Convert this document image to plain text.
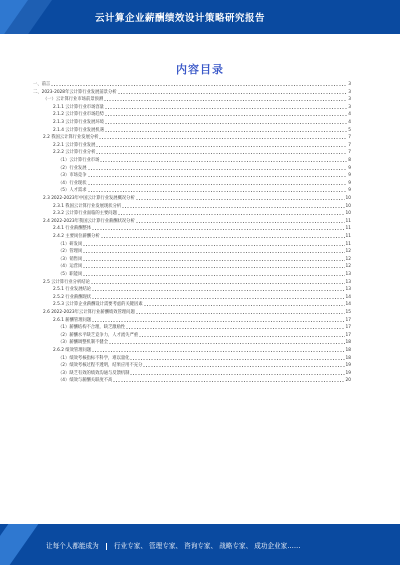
云计算企业薪酬绩效设计策略研究报告
内容目录
一、前言	3
二、2023-2028年云计算行业发展前景分析	3
（一）云计算行业市场前景预测	3
2.1.1 云计算行业市场容量	3
2.1.2 云计算行业市场趋势	4
2.1.3 云计算行业发展环境	4
2.1.4 云计算行业发展机遇	5
2.2 我国云计算行业发展分析	7
2.2.1 云计算行业发展	7
2.2.2 云计算行业分析	7
（1）云计算行业市场	8
（2）行业发展	9
（3）市场竞争	9
（4）行业现状	9
（5）人才需求	9
2.3 2022-2023年中国云计算行业发展概况分析	10
2.3.1 我国云计算行业发展现状分析	10
2.3.2 云计算行业面临的主要问题	10
2.4 2022-2023年我国云计算行业薪酬状况分析	11
2.4.1 行业薪酬整体	11
2.4.2 主要岗位薪酬分析	11
（1）研发岗	11
（2）管理岗	12
（3）销售岗	12
（4）运营岗	12
（5）职能岗	13
2.5 云计算行业分析结论	13
2.5.1 行业发展结论	13
2.5.2 行业薪酬现状	14
2.5.3 云计算企业薪酬设计需要考虑的关键因素	14
2.6 2022-2023年云计算行业薪酬绩效管理问题	15
2.6.1 薪酬管理问题	17
（1）薪酬结构不合理，缺乏激励性	17
（2）薪酬水平缺乏竞争力，人才流失严重	17
（3）薪酬调整机制不健全	18
2.6.2 绩效管理问题	18
（1）绩效考核指标不科学，难以量化	18
（2）绩效考核过程不透明，结果应用不充分	19
（3）缺乏有效的绩效沟通与反馈机制	19
（4）绩效与薪酬关联度不高	20
让每个人都能成为 行业专家、 管理专家、 咨询专家、 战略专家、 成功企业家……
